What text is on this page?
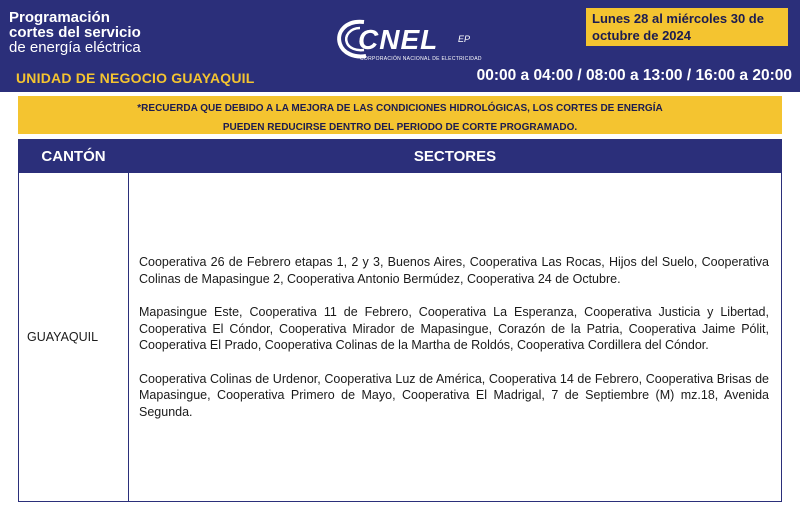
Programación
cortes del servicio
de energía eléctrica
UNIDAD DE NEGOCIO GUAYAQUIL
CNEL EP
CORPORACIÓN NACIONAL DE ELECTRICIDAD
Lunes 28 al miércoles 30 de octubre de 2024
00:00 a 04:00 / 08:00 a 13:00 / 16:00 a 20:00
*RECUERDA QUE DEBIDO A LA MEJORA DE LAS CONDICIONES HIDROLÓGICAS, LOS CORTES DE ENERGÍA
PUEDEN REDUCIRSE DENTRO DEL PERIODO DE CORTE PROGRAMADO.
CANTÓN	SECTORES
GUAYAQUIL	Cooperativa 26 de Febrero etapas 1, 2 y 3, Buenos Aires, Cooperativa Las Rocas, Hijos del Suelo, Cooperativa Colinas de Mapasingue 2, Cooperativa Antonio Bermúdez, Cooperativa 24 de Octubre.

Mapasingue Este, Cooperativa 11 de Febrero, Cooperativa La Esperanza, Cooperativa Justicia y Libertad, Cooperativa El Cóndor, Cooperativa Mirador de Mapasingue, Corazón de la Patria, Cooperativa Jaime Pólit, Cooperativa El Prado, Cooperativa Colinas de la Martha de Roldós, Cooperativa Cordillera del Cóndor.

Cooperativa Colinas de Urdenor, Cooperativa Luz de América, Cooperativa 14 de Febrero, Cooperativa Brisas de Mapasingue, Cooperativa Primero de Mayo, Cooperativa El Madrigal, 7 de Septiembre (M) mz.18, Avenida Segunda.
